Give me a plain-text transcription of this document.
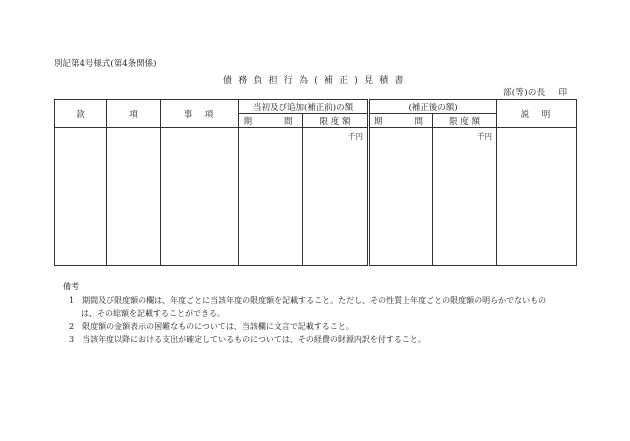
別記第4号様式(第4条関係)
債務負担行為(補正)見積書
部(等)の長 印
款	項	事　項	当初及び追加(補正前)の額		(補正後の額)		説　明
			期　　間	限 度 額	期　　間	限 度 額	
				千円		千円	
備考
1　期間及び限度額の欄は、年度ごとに当該年度の限度額を記載すること。ただし、その性質上年度ごとの限度額の明らかでないもの
は、その総額を記載することができる。
2　限度額の金額表示の困難なものについては、当該欄に文言で記載すること。
3　当該年度以降における支出が確定しているものについては、その経費の財源内訳を付すること。
